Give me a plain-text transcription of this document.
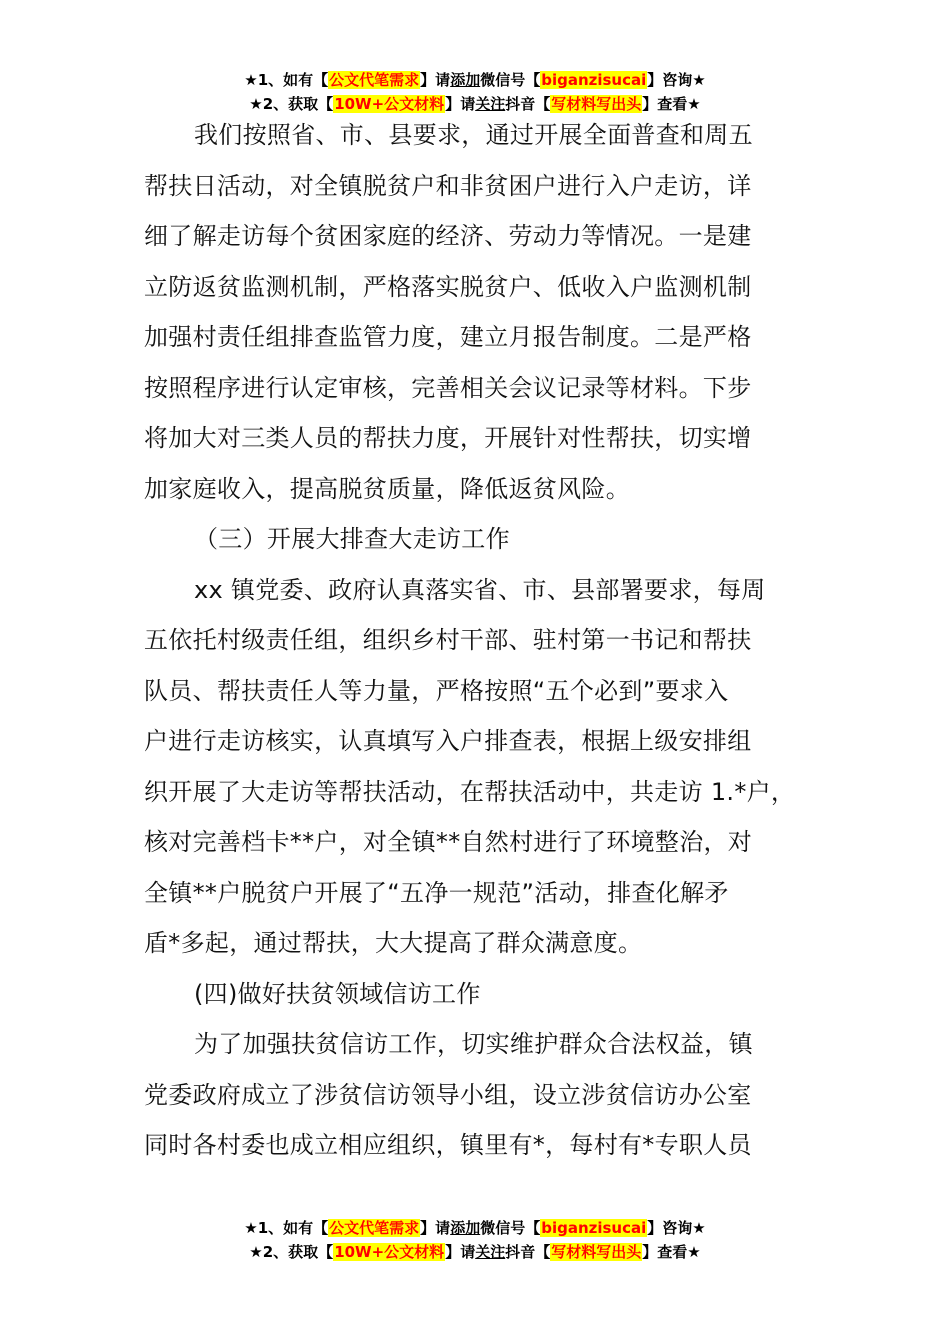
★1、如有【公文代笔需求】请添加微信号【biganzisucai】咨询★
★2、获取【10W+公文材料】请关注抖音【写材料写出头】查看★
我们按照省、市、县要求，通过开展全面普查和周五
帮扶日活动，对全镇脱贫户和非贫困户进行入户走访，详
细了解走访每个贫困家庭的经济、劳动力等情况。一是建
立防返贫监测机制，严格落实脱贫户、低收入户监测机制
加强村责任组排查监管力度，建立月报告制度。二是严格
按照程序进行认定审核，完善相关会议记录等材料。下步
将加大对三类人员的帮扶力度，开展针对性帮扶，切实增
加家庭收入，提高脱贫质量，降低返贫风险。
（三）开展大排查大走访工作
xx 镇党委、政府认真落实省、市、县部署要求，每周
五依托村级责任组，组织乡村干部、驻村第一书记和帮扶
队员、帮扶责任人等力量，严格按照“五个必到”要求入
户进行走访核实，认真填写入户排查表，根据上级安排组
织开展了大走访等帮扶活动，在帮扶活动中，共走访 1.*户，
核对完善档卡**户，对全镇**自然村进行了环境整治，对
全镇**户脱贫户开展了“五净一规范”活动，排查化解矛
盾*多起，通过帮扶，大大提高了群众满意度。
(四)做好扶贫领域信访工作
为了加强扶贫信访工作，切实维护群众合法权益，镇
党委政府成立了涉贫信访领导小组，设立涉贫信访办公室
同时各村委也成立相应组织，镇里有*，每村有*专职人员
★1、如有【公文代笔需求】请添加微信号【biganzisucai】咨询★
★2、获取【10W+公文材料】请关注抖音【写材料写出头】查看★
